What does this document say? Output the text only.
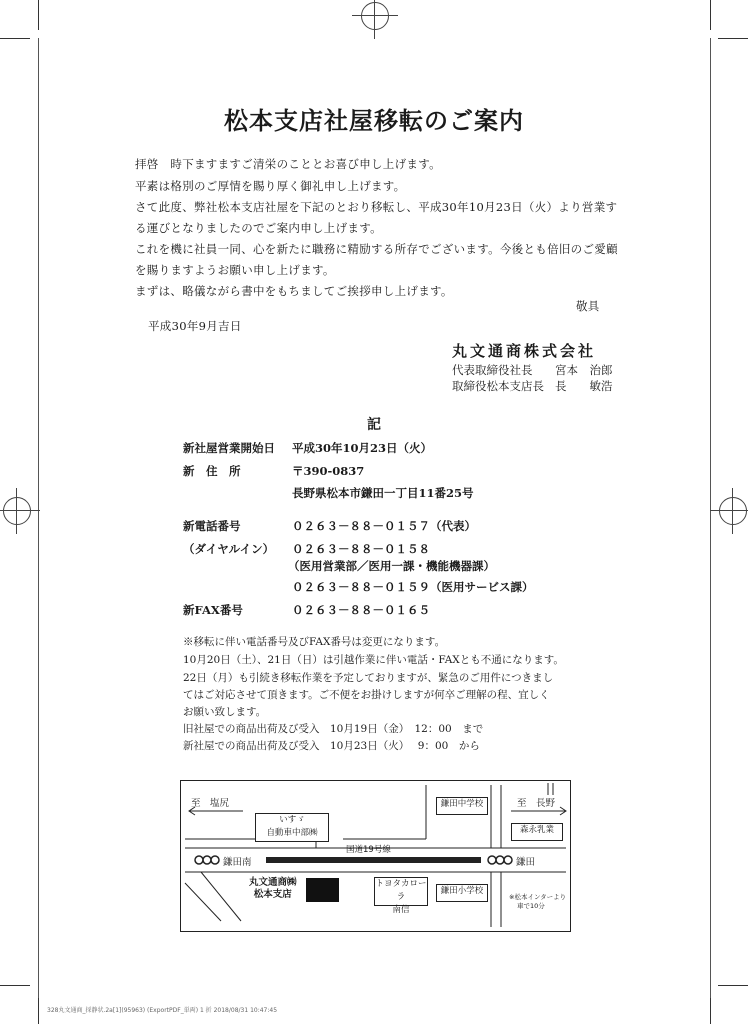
松本支店社屋移転のご案内
拝啓　時下ますますご清栄のこととお喜び申し上げます。
平素は格別のご厚情を賜り厚く御礼申し上げます。
さて此度、弊社松本支店社屋を下記のとおり移転し、平成30年10月23日（火）より営業す
る運びとなりましたのでご案内申し上げます。
これを機に社員一同、心を新たに職務に精励する所存でございます。今後とも倍旧のご愛顧
を賜りますようお願い申し上げます。
まずは、略儀ながら書中をもちましてご挨拶申し上げます。
敬具
平成30年9月吉日
丸文通商株式会社
代表取締役社長 宮本　治郎
取締役松本支店長 長　　敏浩
記
新社屋営業開始日 平成30年10月23日（火）
新　住　所	〒390-0837
長野県松本市鎌田一丁目11番25号
新電話番号	０２６３－８８－０１５７（代表）
（ダイヤルイン） ０２６３－８８－０１５８
（医用営業部／医用一課・機能機器課）
０２６３－８８－０１５９（医用サービス課）
新FAX番号	０２６３－８８－０１６５
※移転に伴い電話番号及びFAX番号は変更になります。
10月20日（土）、21日（日）は引越作業に伴い電話・FAXとも不通になります。
22日（月）も引続き移転作業を予定しておりますが、緊急のご用件につきまし
てはご対応させて頂きます。ご不便をお掛けしますが何卒ご理解の程、宜しく
お願い致します。
旧社屋での商品出荷及び受入　10月19日（金）　12：00　まで
新社屋での商品出荷及び受入　10月23日（火）　 9：00　から
至　塩尻	至　長野
いすゞ
自動車中部㈱
鎌田中学校
森永乳業
国道19号線
鎌田南	鎌田
丸文通商㈱
松本支店
トヨタカローラ
南信
鎌田小学校
※松本インターより
車で10分
328丸文通商_採静状.2a[1](95963) (ExportPDF_単両) 1 折 2018/08/31 10:47:45
